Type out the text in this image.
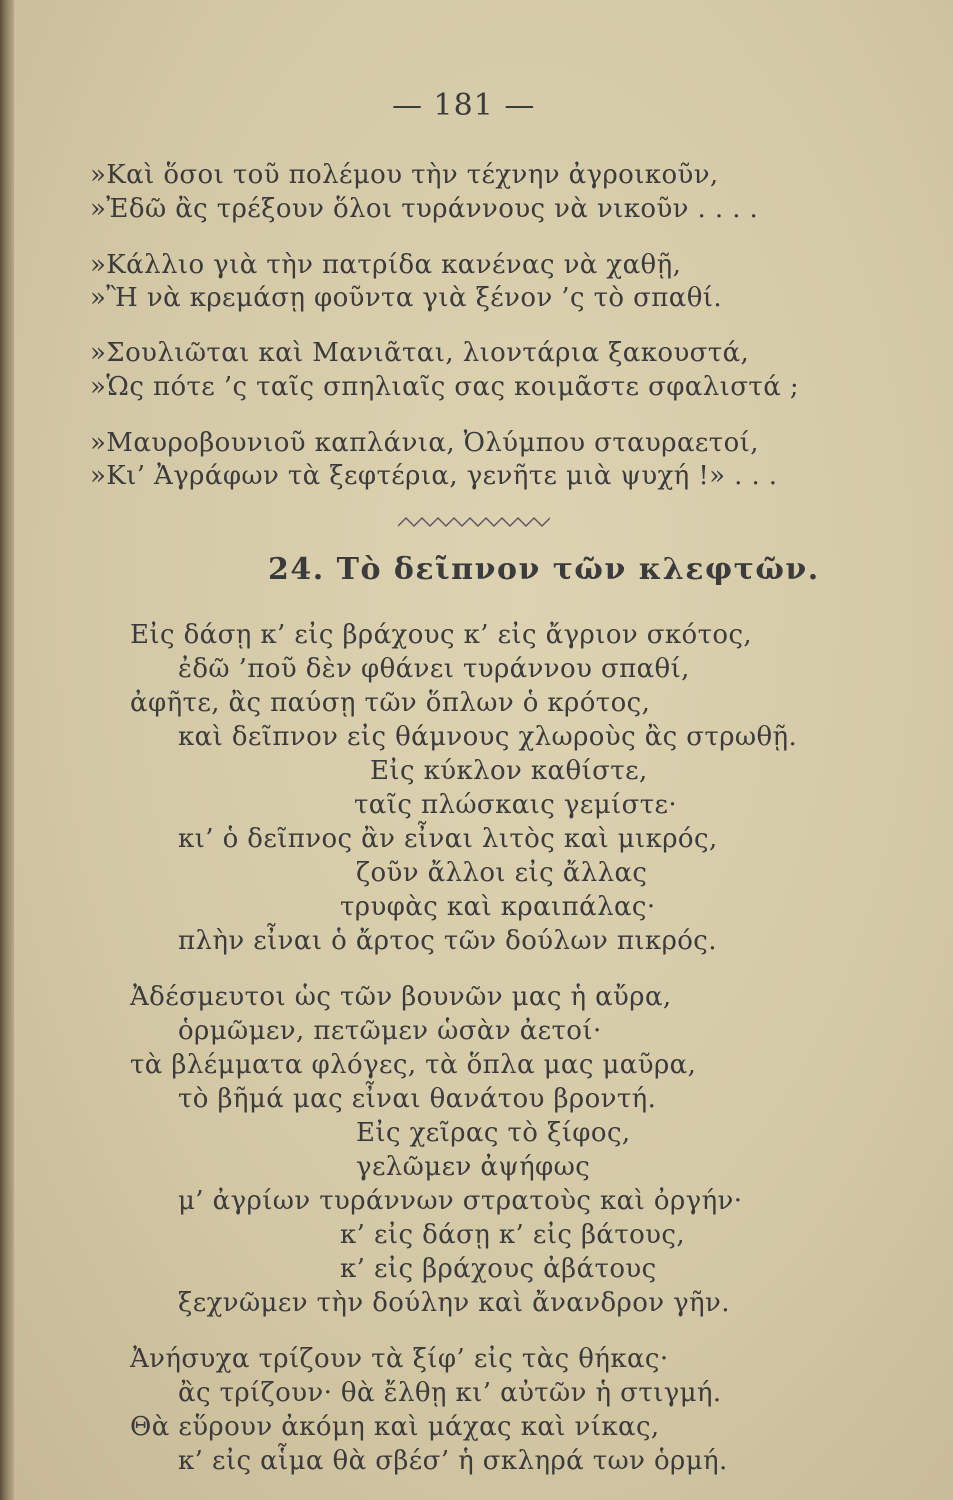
— 181 —
»Καὶ ὅσοι τοῦ πολέμου τὴν τέχνην ἀγροικοῦν,
»Ἐδῶ ἂς τρέξουν ὅλοι τυράννους νὰ νικοῦν . . . .
»Κάλλιο γιὰ τὴν πατρίδα κανένας νὰ χαθῇ,
»Ἢ νὰ κρεμάσῃ φοῦντα γιὰ ξένον ’ς τὸ σπαθί.
»Σουλιῶται καὶ Μανιᾶται, λιοντάρια ξακουστά,
»Ὡς πότε ’ς ταῖς σπηλιαῖς σας κοιμᾶστε σφαλιστά ;
»Μαυροβουνιοῦ καπλάνια, Ὀλύμπου σταυραετοί,
»Κι’ Ἀγράφων τὰ ξεφτέρια, γενῆτε μιὰ ψυχή !» . . .
24. Τὸ δεῖπνον τῶν κλεφτῶν.
Εἰς δάσῃ κ’ εἰς βράχους κ’ εἰς ἄγριον σκότος,
ἐδῶ ’ποῦ δὲν φθάνει τυράννου σπαθί,
ἀφῆτε, ἂς παύσῃ τῶν ὅπλων ὁ κρότος,
καὶ δεῖπνον εἰς θάμνους χλωροὺς ἂς στρωθῇ.
Εἰς κύκλον καθίστε,
ταῖς πλώσκαις γεμίστε·
κι’ ὁ δεῖπνος ἂν εἶναι λιτὸς καὶ μικρός,
ζοῦν ἄλλοι εἰς ἄλλας
τρυφὰς καὶ κραιπάλας·
πλὴν εἶναι ὁ ἄρτος τῶν δούλων πικρός.
Ἀδέσμευτοι ὡς τῶν βουνῶν μας ἡ αὔρα,
ὁρμῶμεν, πετῶμεν ὡσὰν ἀετοί·
τὰ βλέμματα φλόγες, τὰ ὅπλα μας μαῦρα,
τὸ βῆμά μας εἶναι θανάτου βροντή.
Εἰς χεῖρας τὸ ξίφος,
γελῶμεν ἀψήφως
μ’ ἀγρίων τυράννων στρατοὺς καὶ ὀργήν·
κ’ εἰς δάσῃ κ’ εἰς βάτους,
κ’ εἰς βράχους ἀβάτους
ξεχνῶμεν τὴν δούλην καὶ ἄνανδρον γῆν.
Ἀνήσυχα τρίζουν τὰ ξίφ’ εἰς τὰς θήκας·
ἂς τρίζουν· θὰ ἔλθῃ κι’ αὐτῶν ἡ στιγμή.
Θὰ εὕρουν ἀκόμη καὶ μάχας καὶ νίκας,
κ’ εἰς αἷμα θὰ σβέσ’ ἡ σκληρά των ὁρμή.
